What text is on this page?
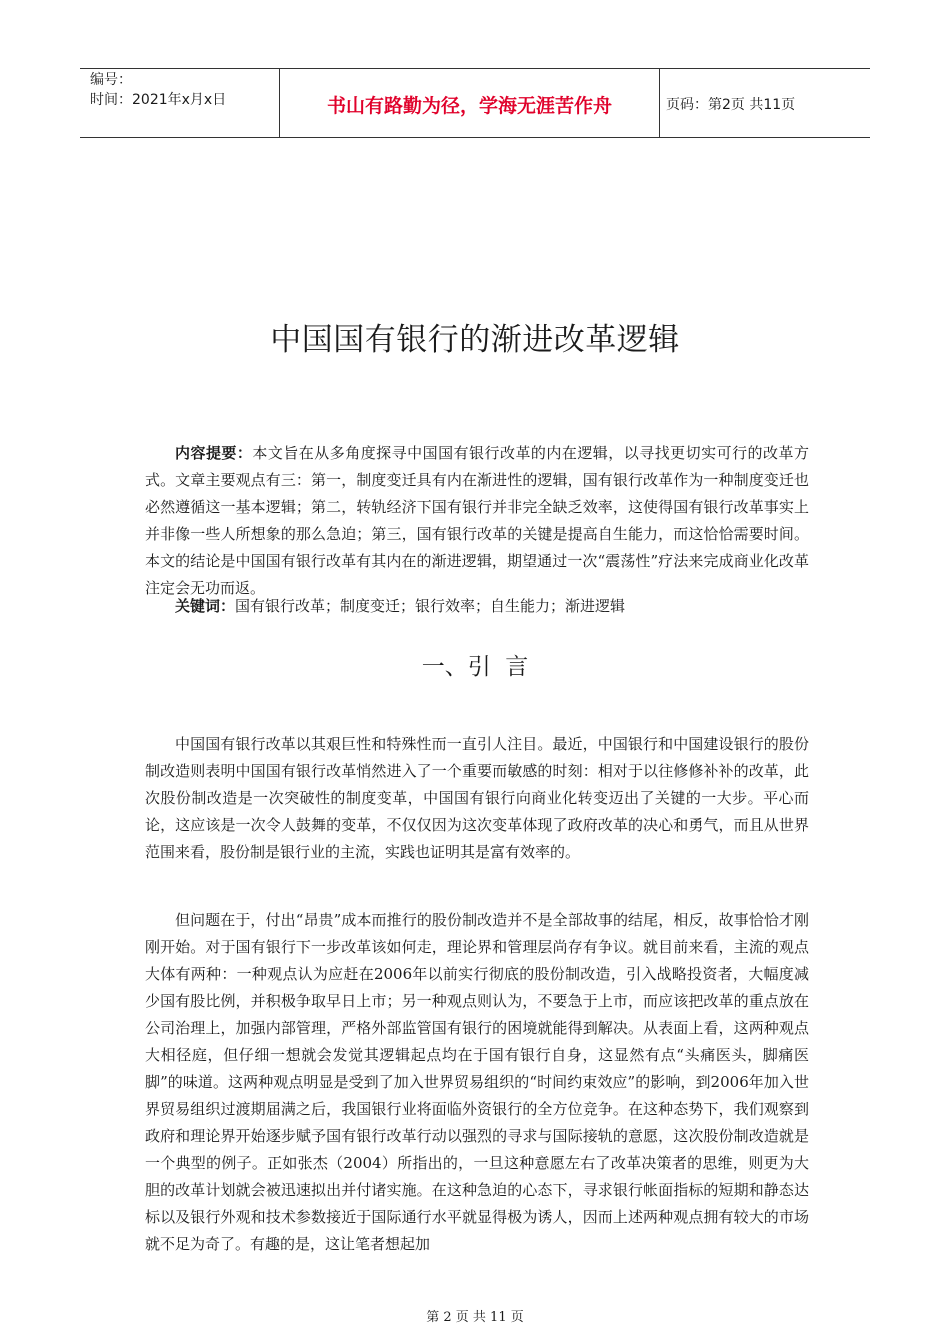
编号：
时间：2021年x月x日	书山有路勤为径，学海无涯苦作舟	页码：第2页 共11页
中国国有银行的渐进改革逻辑

内容提要：本文旨在从多角度探寻中国国有银行改革的内在逻辑，以寻找更切实可行的改革方式。文章主要观点有三：第一，制度变迁具有内在渐进性的逻辑，国有银行改革作为一种制度变迁也必然遵循这一基本逻辑；第二，转轨经济下国有银行并非完全缺乏效率，这使得国有银行改革事实上并非像一些人所想象的那么急迫；第三，国有银行改革的关键是提高自生能力，而这恰恰需要时间。本文的结论是中国国有银行改革有其内在的渐进逻辑，期望通过一次“震荡性”疗法来完成商业化改革注定会无功而返。

关键词：国有银行改革；制度变迁；银行效率；自生能力；渐进逻辑

一、引  言

中国国有银行改革以其艰巨性和特殊性而一直引人注目。最近，中国银行和中国建设银行的股份制改造则表明中国国有银行改革悄然进入了一个重要而敏感的时刻：相对于以往修修补补的改革，此次股份制改造是一次突破性的制度变革，中国国有银行向商业化转变迈出了关键的一大步。平心而论，这应该是一次令人鼓舞的变革，不仅仅因为这次变革体现了政府改革的决心和勇气，而且从世界范围来看，股份制是银行业的主流，实践也证明其是富有效率的。

但问题在于，付出“昂贵”成本而推行的股份制改造并不是全部故事的结尾，相反，故事恰恰才刚刚开始。对于国有银行下一步改革该如何走，理论界和管理层尚存有争议。就目前来看，主流的观点大体有两种：一种观点认为应赶在2006年以前实行彻底的股份制改造，引入战略投资者，大幅度减少国有股比例，并积极争取早日上市；另一种观点则认为，不要急于上市，而应该把改革的重点放在公司治理上，加强内部管理，严格外部监管国有银行的困境就能得到解决。从表面上看，这两种观点大相径庭，但仔细一想就会发觉其逻辑起点均在于国有银行自身，这显然有点“头痛医头，脚痛医脚”的味道。这两种观点明显是受到了加入世界贸易组织的“时间约束效应”的影响，到2006年加入世界贸易组织过渡期届满之后，我国银行业将面临外资银行的全方位竞争。在这种态势下，我们观察到政府和理论界开始逐步赋予国有银行改革行动以强烈的寻求与国际接轨的意愿，这次股份制改造就是一个典型的例子。正如张杰（2004）所指出的，一旦这种意愿左右了改革决策者的思维，则更为大胆的改革计划就会被迅速拟出并付诸实施。在这种急迫的心态下，寻求银行帐面指标的短期和静态达标以及银行外观和技术参数接近于国际通行水平就显得极为诱人，因而上述两种观点拥有较大的市场就不足为奇了。有趣的是，这让笔者想起加

第 2 页 共 11 页
